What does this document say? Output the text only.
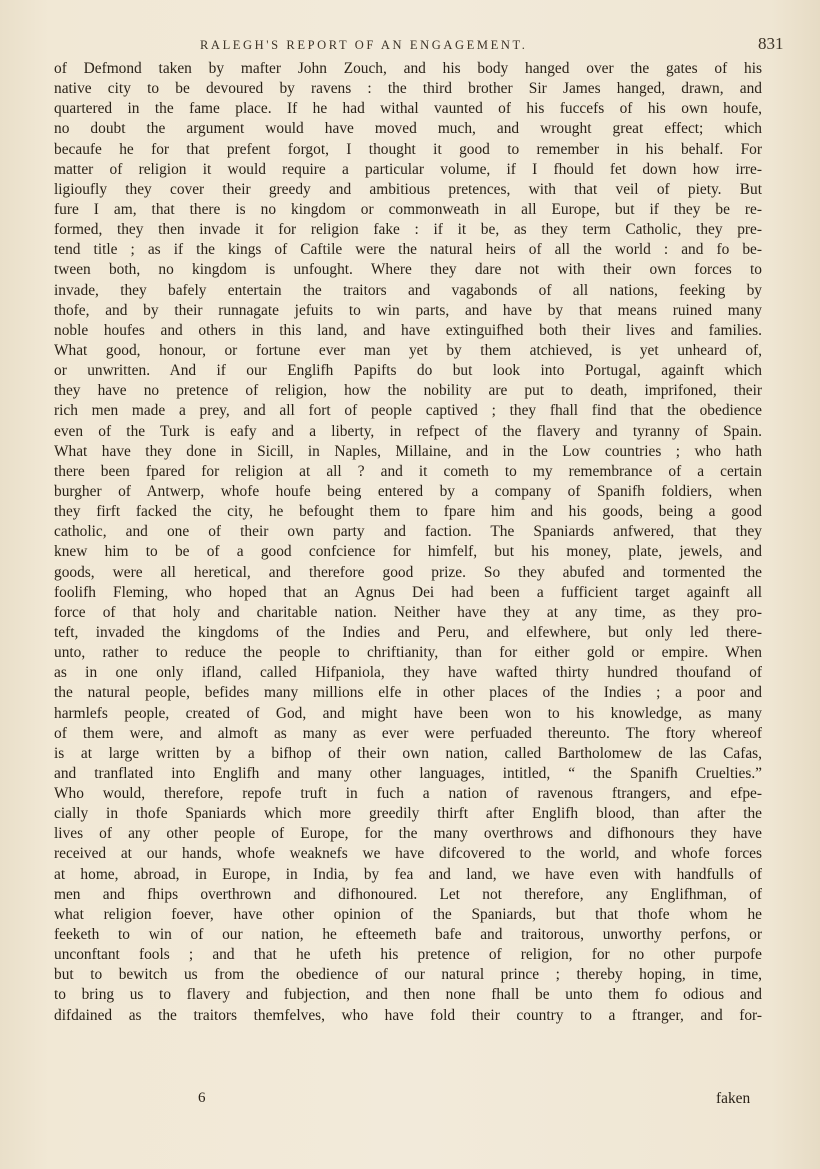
RALEGH'S REPORT OF AN ENGAGEMENT.	831
of Defmond taken by mafter John Zouch, and his body hanged over the gates of his
native city to be devoured by ravens : the third brother Sir James hanged, drawn, and
quartered in the fame place. If he had withal vaunted of his fuccefs of his own houfe,
no doubt the argument would have moved much, and wrought great effect; which
becaufe he for that prefent forgot, I thought it good to remember in his behalf. For
matter of religion it would require a particular volume, if I fhould fet down how irre-
ligioufly they cover their greedy and ambitious pretences, with that veil of piety. But
fure I am, that there is no kingdom or commonweath in all Europe, but if they be re-
formed, they then invade it for religion fake : if it be, as they term Catholic, they pre-
tend title ; as if the kings of Caftile were the natural heirs of all the world : and fo be-
tween both, no kingdom is unfought. Where they dare not with their own forces to
invade, they bafely entertain the traitors and vagabonds of all nations, feeking by
thofe, and by their runnagate jefuits to win parts, and have by that means ruined many
noble houfes and others in this land, and have extinguifhed both their lives and families.
What good, honour, or fortune ever man yet by them atchieved, is yet unheard of,
or unwritten. And if our Englifh Papifts do but look into Portugal, againft which
they have no pretence of religion, how the nobility are put to death, imprifoned, their
rich men made a prey, and all fort of people captived ; they fhall find that the obedience
even of the Turk is eafy and a liberty, in refpect of the flavery and tyranny of Spain.
What have they done in Sicill, in Naples, Millaine, and in the Low countries ; who hath
there been fpared for religion at all ? and it cometh to my remembrance of a certain
burgher of Antwerp, whofe houfe being entered by a company of Spanifh foldiers, when
they firft facked the city, he befought them to fpare him and his goods, being a good
catholic, and one of their own party and faction. The Spaniards anfwered, that they
knew him to be of a good confcience for himfelf, but his money, plate, jewels, and
goods, were all heretical, and therefore good prize. So they abufed and tormented the
foolifh Fleming, who hoped that an Agnus Dei had been a fufficient target againft all
force of that holy and charitable nation. Neither have they at any time, as they pro-
teft, invaded the kingdoms of the Indies and Peru, and elfewhere, but only led there-
unto, rather to reduce the people to chriftianity, than for either gold or empire. When
as in one only ifland, called Hifpaniola, they have wafted thirty hundred thoufand of
the natural people, befides many millions elfe in other places of the Indies ; a poor and
harmlefs people, created of God, and might have been won to his knowledge, as many
of them were, and almoft as many as ever were perfuaded thereunto. The ftory whereof
is at large written by a bifhop of their own nation, called Bartholomew de las Cafas,
and tranflated into Englifh and many other languages, intitled, “ the Spanifh Cruelties.”
Who would, therefore, repofe truft in fuch a nation of ravenous ftrangers, and efpe-
cially in thofe Spaniards which more greedily thirft after Englifh blood, than after the
lives of any other people of Europe, for the many overthrows and difhonours they have
received at our hands, whofe weaknefs we have difcovered to the world, and whofe forces
at home, abroad, in Europe, in India, by fea and land, we have even with handfulls of
men and fhips overthrown and difhonoured. Let not therefore, any Englifhman, of
what religion foever, have other opinion of the Spaniards, but that thofe whom he
feeketh to win of our nation, he efteemeth bafe and traitorous, unworthy perfons, or
unconftant fools ; and that he ufeth his pretence of religion, for no other purpofe
but to bewitch us from the obedience of our natural prince ; thereby hoping, in time,
to bring us to flavery and fubjection, and then none fhall be unto them fo odious and
difdained as the traitors themfelves, who have fold their country to a ftranger, and for-
6	faken
